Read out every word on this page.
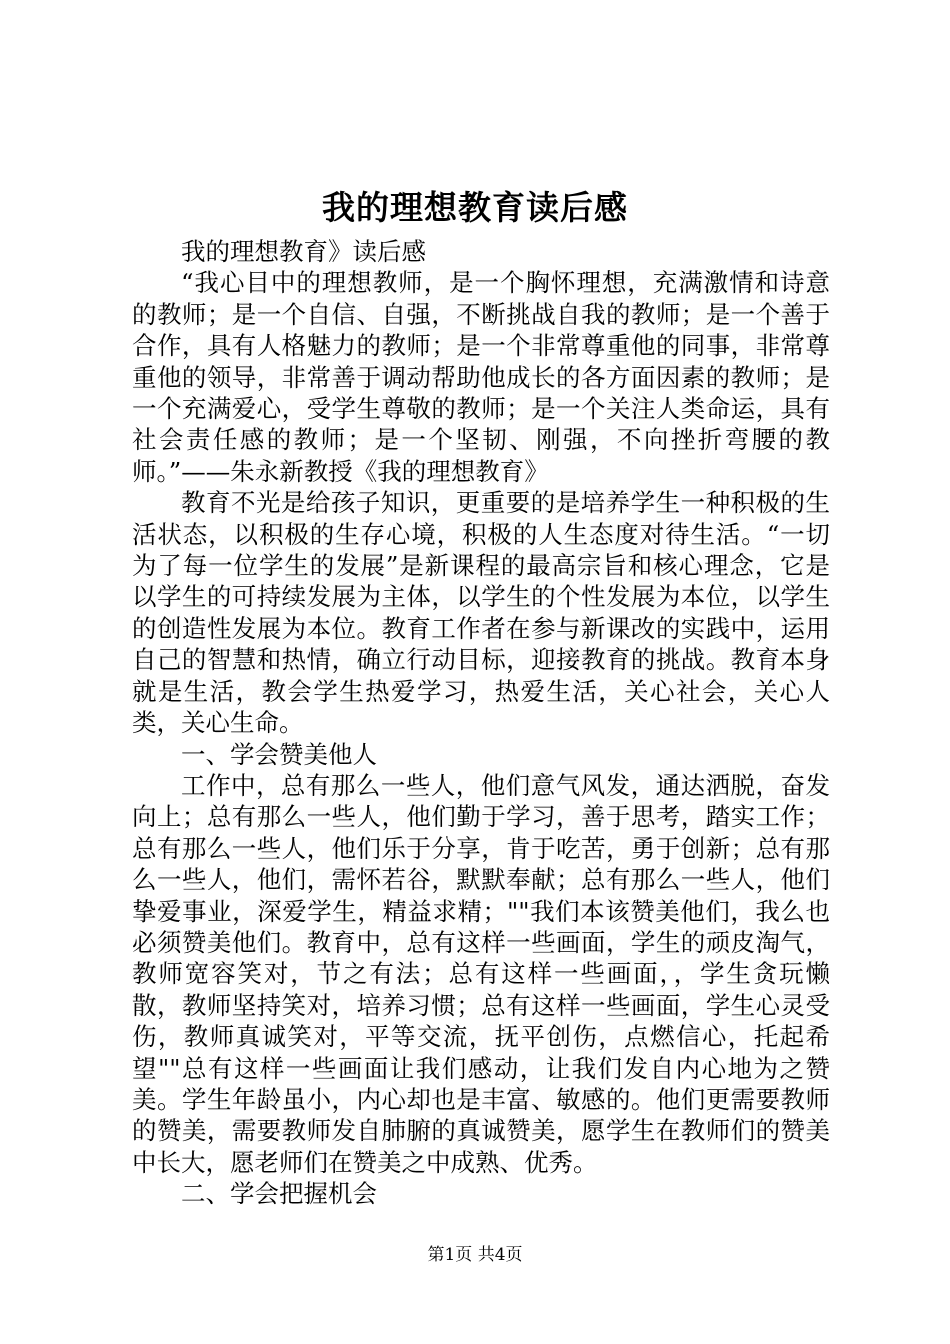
我的理想教育读后感

我的理想教育》读后感

“我心目中的理想教师，是一个胸怀理想，充满激情和诗意的教师；是一个自信、自强，不断挑战自我的教师；是一个善于合作，具有人格魅力的教师；是一个非常尊重他的同事，非常尊重他的领导，非常善于调动帮助他成长的各方面因素的教师；是一个充满爱心，受学生尊敬的教师；是一个关注人类命运，具有社会责任感的教师；是一个坚韧、刚强，不向挫折弯腰的教师。”——朱永新教授《我的理想教育》

教育不光是给孩子知识，更重要的是培养学生一种积极的生活状态，以积极的生存心境，积极的人生态度对待生活。“一切为了每一位学生的发展”是新课程的最高宗旨和核心理念，它是以学生的可持续发展为主体，以学生的个性发展为本位，以学生的创造性发展为本位。教育工作者在参与新课改的实践中，运用自己的智慧和热情，确立行动目标，迎接教育的挑战。教育本身就是生活，教会学生热爱学习，热爱生活，关心社会，关心人类，关心生命。

一、学会赞美他人

工作中，总有那么一些人，他们意气风发，通达洒脱，奋发向上；总有那么一些人，他们勤于学习，善于思考，踏实工作；总有那么一些人，他们乐于分享，肯于吃苦，勇于创新；总有那么一些人，他们，需怀若谷，默默奉献；总有那么一些人，他们挚爱事业，深爱学生，精益求精；""我们本该赞美他们，我么也必须赞美他们。教育中，总有这样一些画面，学生的顽皮淘气，教师宽容笑对，节之有法；总有这样一些画面，，学生贪玩懒散，教师坚持笑对，培养习惯；总有这样一些画面，学生心灵受伤，教师真诚笑对，平等交流，抚平创伤，点燃信心，托起希望""总有这样一些画面让我们感动，让我们发自内心地为之赞美。学生年龄虽小，内心却也是丰富、敏感的。他们更需要教师的赞美，需要教师发自肺腑的真诚赞美，愿学生在教师们的赞美中长大，愿老师们在赞美之中成熟、优秀。

二、学会把握机会

第1页 共4页
